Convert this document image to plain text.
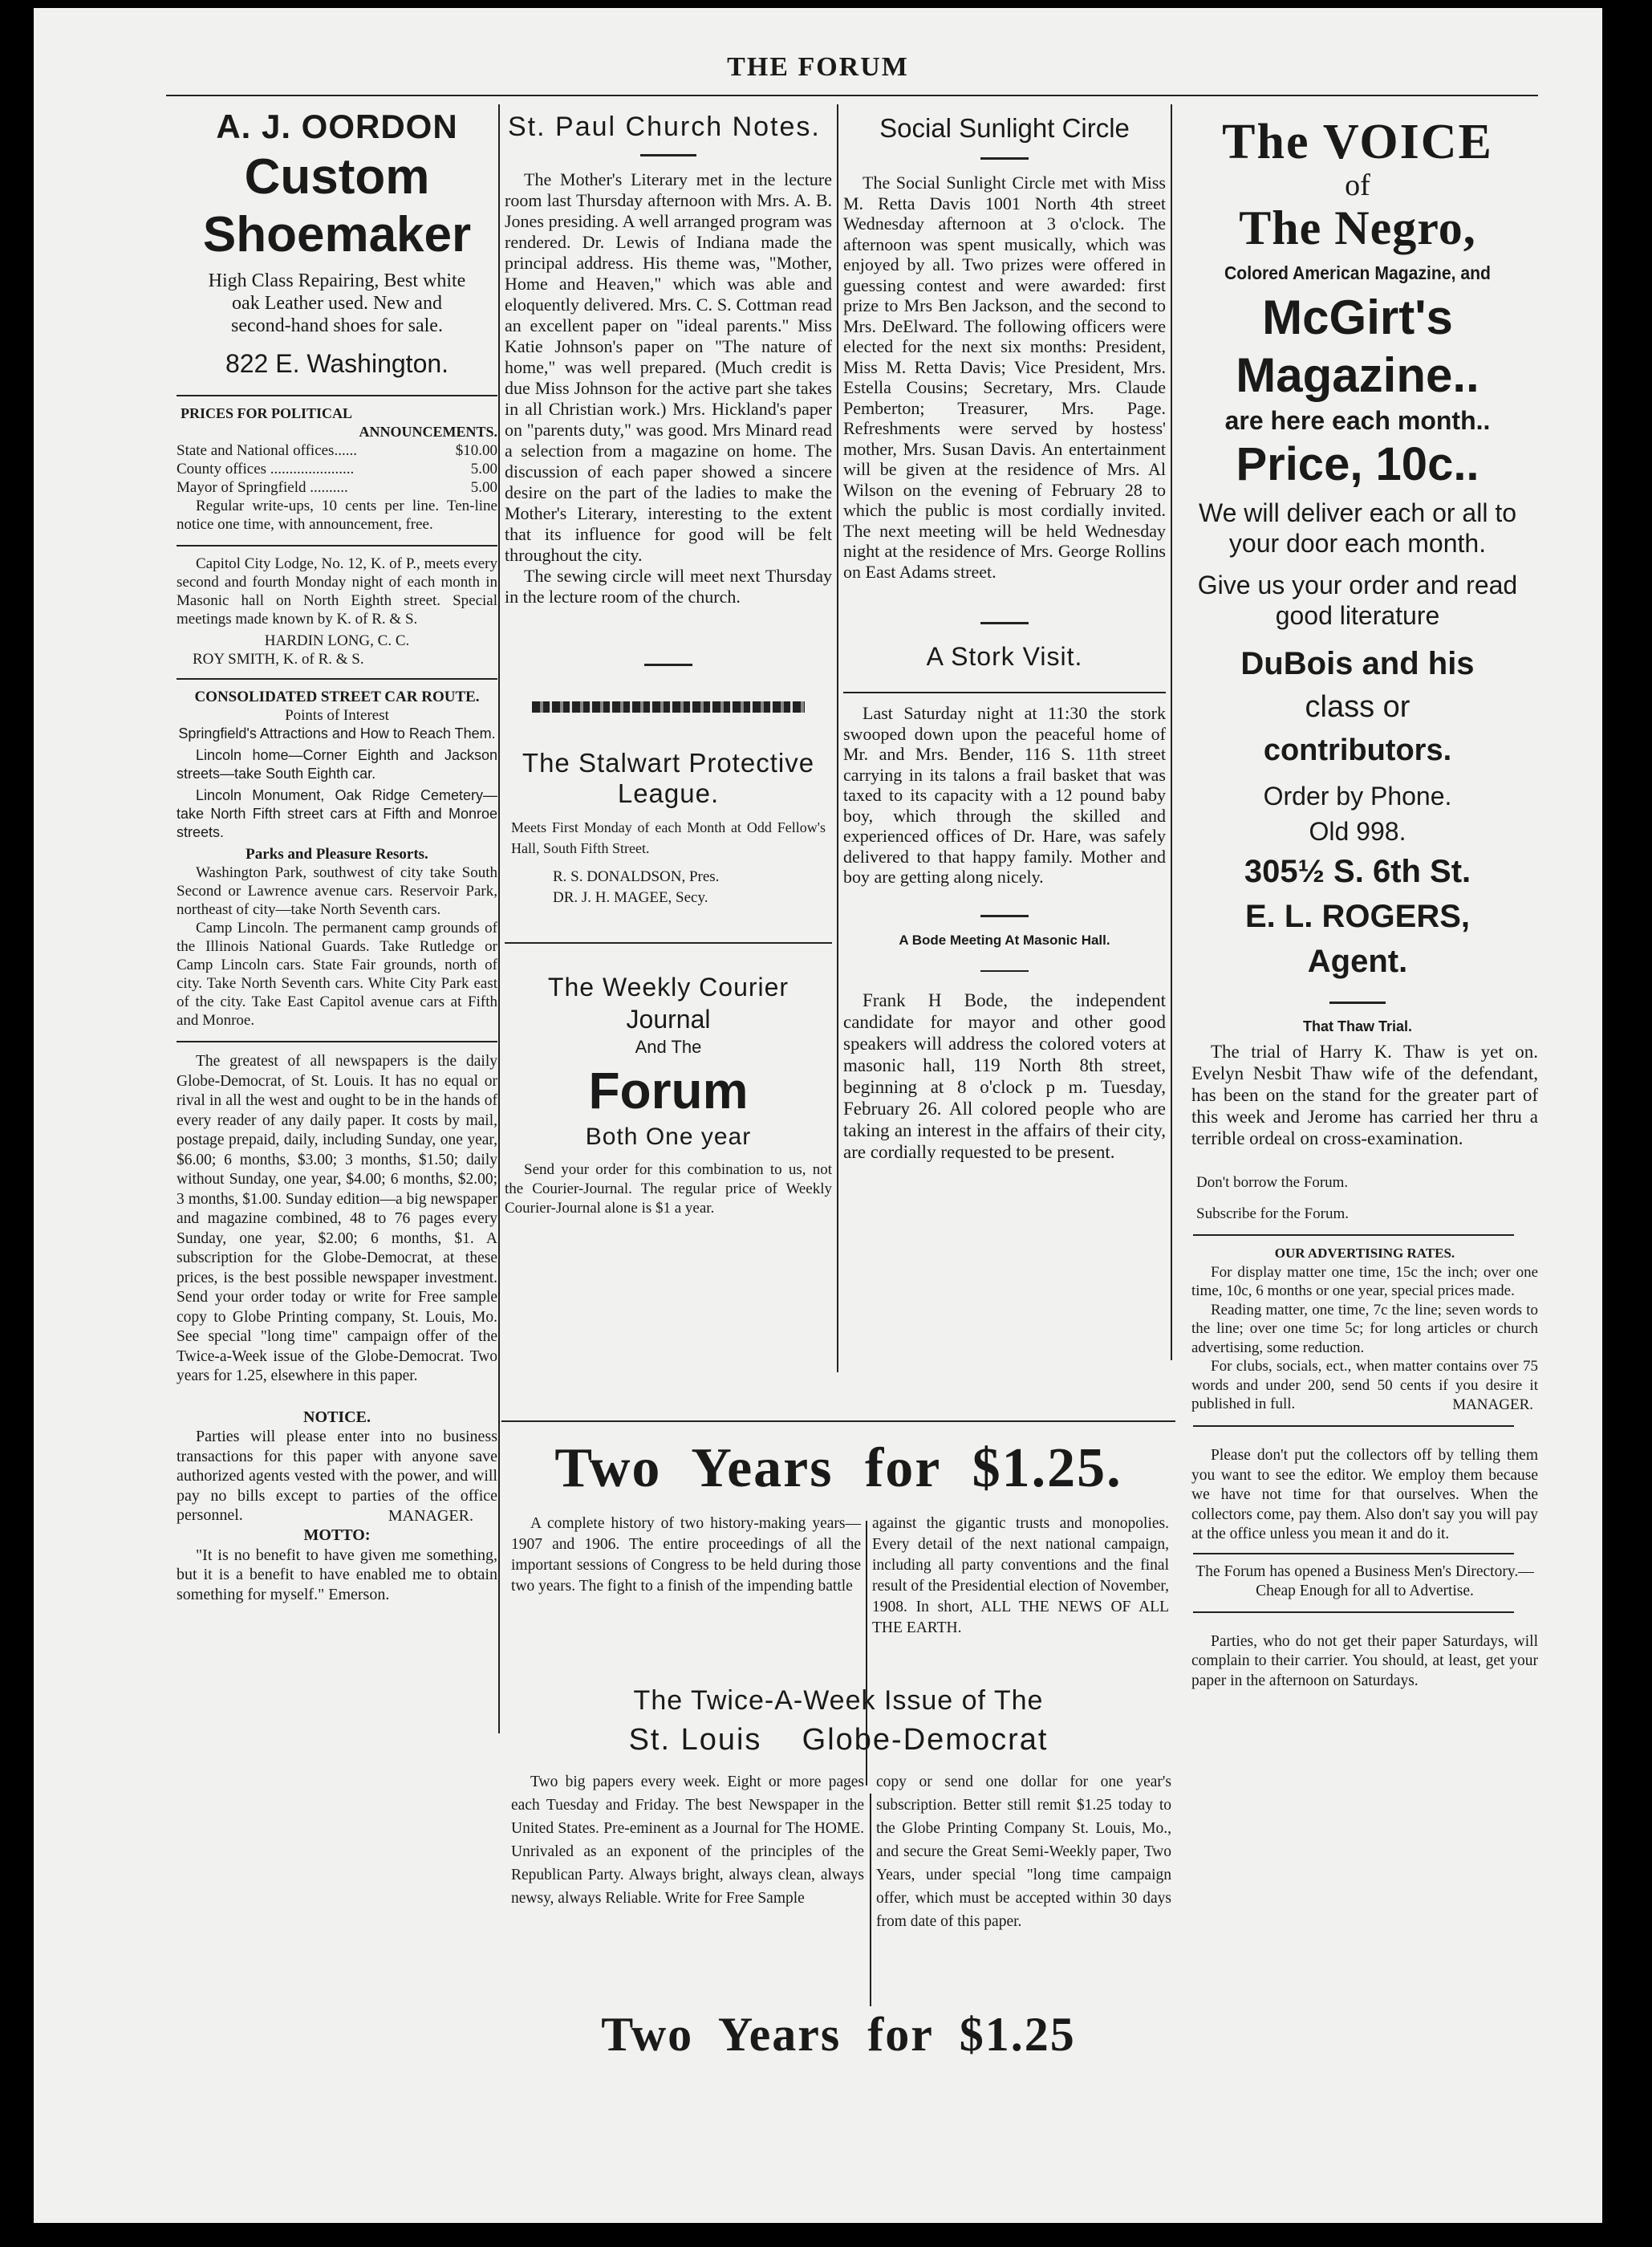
THE FORUM
A. J. OORDON
Custom
Shoemaker
High Class Repairing, Best white oak Leather used. New and second-hand shoes for sale.
822 E. Washington.
PRICES FOR POLITICAL
ANNOUNCEMENTS.
State and National offices......	$10.00
County offices ......................	5.00
Mayor of Springfield ..........	5.00

Regular write-ups, 10 cents per line. Ten-line notice one time, with announcement, free.

Capitol City Lodge, No. 12, K. of P., meets every second and fourth Monday night of each month in Masonic hall on North Eighth street. Special meetings made known by K. of R. & S.

HARDIN LONG, C. C.
ROY SMITH, K. of R. & S.
CONSOLIDATED STREET CAR ROUTE.
Points of Interest
Springfield's Attractions and How to Reach Them.

Lincoln home—Corner Eighth and Jackson streets—take South Eighth car.

Lincoln Monument, Oak Ridge Cemetery—take North Fifth street cars at Fifth and Monroe streets.

Parks and Pleasure Resorts.

Washington Park, southwest of city take South Second or Lawrence avenue cars. Reservoir Park, northeast of city—take North Seventh cars.

Camp Lincoln. The permanent camp grounds of the Illinois National Guards. Take Rutledge or Camp Lincoln cars. State Fair grounds, north of city. Take North Seventh cars. White City Park east of the city. Take East Capitol avenue cars at Fifth and Monroe.

The greatest of all newspapers is the daily Globe-Democrat, of St. Louis. It has no equal or rival in all the west and ought to be in the hands of every reader of any daily paper. It costs by mail, postage prepaid, daily, including Sunday, one year, $6.00; 6 months, $3.00; 3 months, $1.50; daily without Sunday, one year, $4.00; 6 months, $2.00; 3 months, $1.00. Sunday edition—a big newspaper and magazine combined, 48 to 76 pages every Sunday, one year, $2.00; 6 months, $1. A subscription for the Globe-Democrat, at these prices, is the best possible newspaper investment. Send your order today or write for Free sample copy to Globe Printing company, St. Louis, Mo. See special "long time" campaign offer of the Twice-a-Week issue of the Globe-Democrat. Two years for 1.25, elsewhere in this paper.

NOTICE.

Parties will please enter into no business transactions for this paper with anyone save authorized agents vested with the power, and will pay no bills except to parties of the office personnel.	MANAGER.
MOTTO:

"It is no benefit to have given me something, but it is a benefit to have enabled me to obtain something for myself." Emerson.

St. Paul Church Notes.

The Mother's Literary met in the lecture room last Thursday afternoon with Mrs. A. B. Jones presiding. A well arranged program was rendered. Dr. Lewis of Indiana made the principal address. His theme was, "Mother, Home and Heaven," which was able and eloquently delivered. Mrs. C. S. Cottman read an excellent paper on "ideal parents." Miss Katie Johnson's paper on "The nature of home," was well prepared. (Much credit is due Miss Johnson for the active part she takes in all Christian work.) Mrs. Hickland's paper on "parents duty," was good. Mrs Minard read a selection from a magazine on home. The discussion of each paper showed a sincere desire on the part of the ladies to make the Mother's Literary, interesting to the extent that its influence for good will be felt throughout the city.

The sewing circle will meet next Thursday in the lecture room of the church.

The Stalwart Protective League.

Meets First Monday of each Month at Odd Fellow's Hall, South Fifth Street.

R. S. DONALDSON, Pres.
DR. J. H. MAGEE, Secy.
The Weekly Courier
Journal
And The
Forum
Both One year

Send your order for this combination to us, not the Courier-Journal. The regular price of Weekly Courier-Journal alone is $1 a year.

Social Sunlight Circle

The Social Sunlight Circle met with Miss M. Retta Davis 1001 North 4th street Wednesday afternoon at 3 o'clock. The afternoon was spent musically, which was enjoyed by all. Two prizes were offered in guessing contest and were awarded: first prize to Mrs Ben Jackson, and the second to Mrs. DeElward. The following officers were elected for the next six months: President, Miss M. Retta Davis; Vice President, Mrs. Estella Cousins; Secretary, Mrs. Claude Pemberton; Treasurer, Mrs. Page. Refreshments were served by hostess' mother, Mrs. Susan Davis. An entertainment will be given at the residence of Mrs. Al Wilson on the evening of February 28 to which the public is most cordially invited. The next meeting will be held Wednesday night at the residence of Mrs. George Rollins on East Adams street.

A Stork Visit.

Last Saturday night at 11:30 the stork swooped down upon the peaceful home of Mr. and Mrs. Bender, 116 S. 11th street carrying in its talons a frail basket that was taxed to its capacity with a 12 pound baby boy, which through the skilled and experienced offices of Dr. Hare, was safely delivered to that happy family. Mother and boy are getting along nicely.

A Bode Meeting At Masonic Hall.

Frank H Bode, the independent candidate for mayor and other good speakers will address the colored voters at masonic hall, 119 North 8th street, beginning at 8 o'clock p m. Tuesday, February 26. All colored people who are taking an interest in the affairs of their city, are cordially requested to be present.

The VOICE
of
The Negro,
Colored American Magazine, and
McGirt's
Magazine..
are here each month..
Price, 10c..
We will deliver each or all to your door each month.
Give us your order and read good literature
DuBois and his
class or
contributors.
Order by Phone.
Old 998.
305½ S. 6th St.
E. L. ROGERS,
Agent.
That Thaw Trial.

The trial of Harry K. Thaw is yet on. Evelyn Nesbit Thaw wife of the defendant, has been on the stand for the greater part of this week and Jerome has carried her thru a terrible ordeal on cross-examination.

Don't borrow the Forum.
Subscribe for the Forum.
OUR ADVERTISING RATES.

For display matter one time, 15c the inch; over one time, 10c, 6 months or one year, special prices made.

Reading matter, one time, 7c the line; seven words to the line; over one time 5c; for long articles or church advertising, some reduction.

For clubs, socials, ect., when matter contains over 75 words and under 200, send 50 cents if you desire it published in full.	MANAGER.

Please don't put the collectors off by telling them you want to see the editor. We employ them because we have not time for that ourselves. When the collectors come, pay them. Also don't say you will pay at the office unless you mean it and do it.

The Forum has opened a Business Men's Directory.—Cheap Enough for all to Advertise.

Parties, who do not get their paper Saturdays, will complain to their carrier. You should, at least, get your paper in the afternoon on Saturdays.

Two Years for $1.25.

A complete history of two history-making years—1907 and 1906. The entire proceedings of all the important sessions of Congress to be held during those two years. The fight to a finish of the impending battle

against the gigantic trusts and monopolies. Every detail of the next national campaign, including all party conventions and the final result of the Presidential election of November, 1908. In short, ALL THE NEWS OF ALL THE EARTH.

The Twice-A-Week Issue of The
St. Louis    Globe-Democrat

Two big papers every week. Eight or more pages each Tuesday and Friday. The best Newspaper in the United States. Pre-eminent as a Journal for The HOME. Unrivaled as an exponent of the principles of the Republican Party. Always bright, always clean, always newsy, always Reliable. Write for Free Sample

copy or send one dollar for one year's subscription. Better still remit $1.25 today to the Globe Printing Company St. Louis, Mo., and secure the Great Semi-Weekly paper, Two Years, under special "long time campaign offer, which must be accepted within 30 days from date of this paper.

Two Years for $1.25
